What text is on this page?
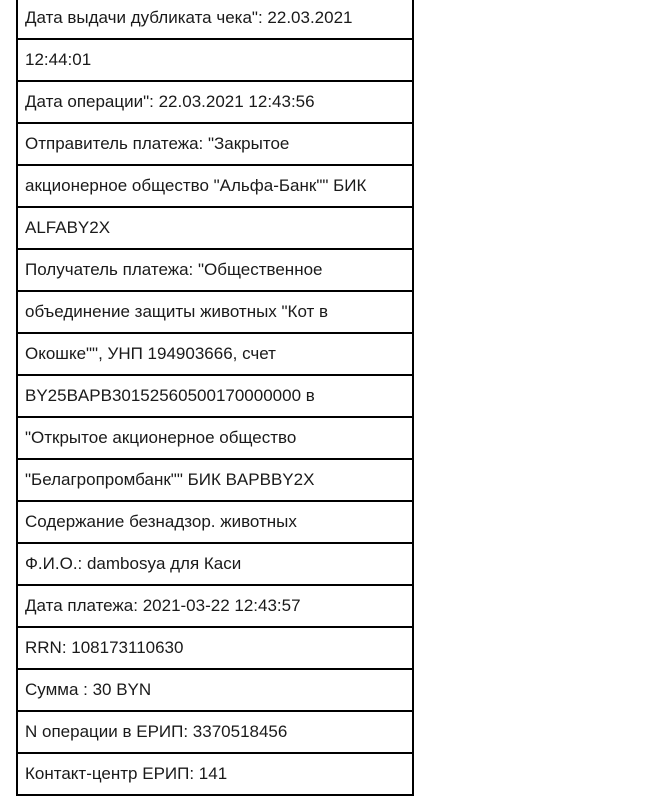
Дата выдачи дубликата чека": 22.03.2021
12:44:01
Дата операции": 22.03.2021 12:43:56
Отправитель платежа: "Закрытое
акционерное общество "Альфа-Банк"" БИК
ALFABY2X
Получатель платежа: "Общественное
объединение защиты животных "Кот в
Окошке"", УНП 194903666, счет
BY25BAPB30152560500170000000 в
"Открытое акционерное общество
"Белагропромбанк"" БИК BAPBBY2X
Содержание безнадзор. животных
Ф.И.О.: dambosya для Каси
Дата платежа: 2021-03-22 12:43:57
RRN: 108173110630
Сумма : 30 BYN
N операции в ЕРИП: 3370518456
Контакт-центр ЕРИП: 141
